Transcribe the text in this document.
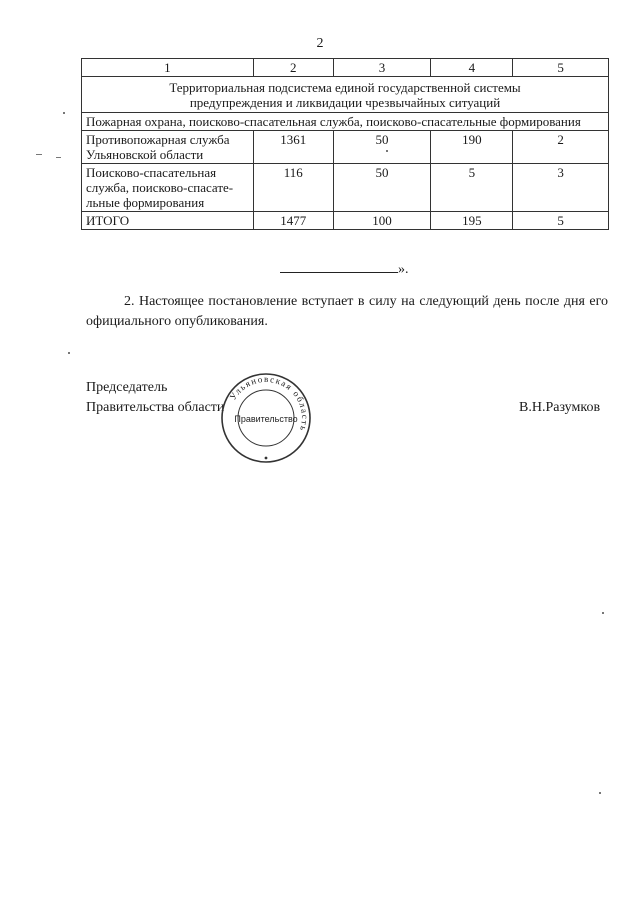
2
1	2	3	4	5
Территориальная подсистема единой государственной системы
предупреждения и ликвидации чрезвычайных ситуаций				
Пожарная охрана, поисково-спасательная служба, поисково-спасательные формирования				

Противопожарная служба
Ульяновской области	1361	50	190	2

Поисково-спасательная
служба, поисково-спасате-
льные формирования	116	50	5	3
ИТОГО	1477	100	195	5
».
2. Настоящее постановление вступает в силу на следующий день после дня его официального опубликования.
Председатель
Правительства области
Ульяновская область
Правительство
В.Н.Разумков
